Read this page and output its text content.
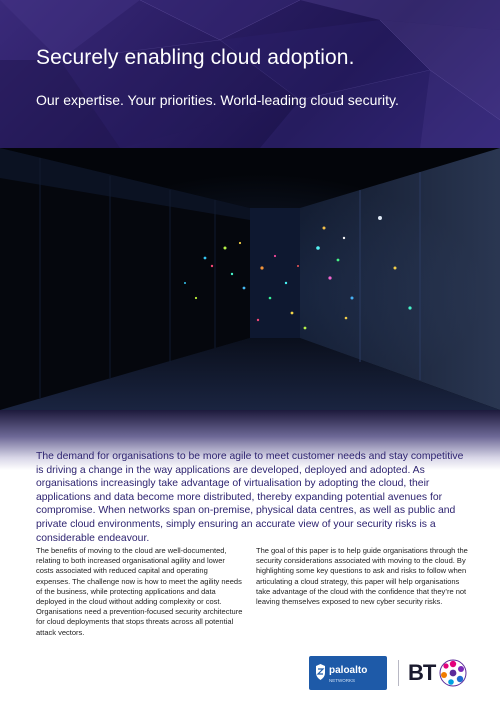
Securely enabling cloud adoption.

Our expertise. Your priorities. World-leading cloud security.

The demand for organisations to be more agile to meet customer needs and stay competitive is driving a change in the way applications are developed, deployed and adopted. As organisations increasingly take advantage of virtualisation by adopting the cloud, their applications and data become more distributed, thereby expanding potential avenues for compromise. When networks span on-premise, physical data centres, as well as public and private cloud environments, simply ensuring an accurate view of your security risks is a considerable endeavour.

The benefits of moving to the cloud are well-documented, relating to both increased organisational agility and lower costs associated with reduced capital and operating expenses. The challenge now is how to meet the agility needs of the business, while protecting applications and data deployed in the cloud without adding complexity or cost. Organisations need a prevention-focused security architecture for cloud deployments that stops threats across all potential attack vectors.

The goal of this paper is to help guide organisations through the security considerations associated with moving to the cloud. By highlighting some key questions to ask and risks to follow when articulating a cloud strategy, this paper will help organisations take advantage of the cloud with the confidence that they’re not leaving themselves exposed to new cyber security risks.

paloalto
NETWORKS BT
